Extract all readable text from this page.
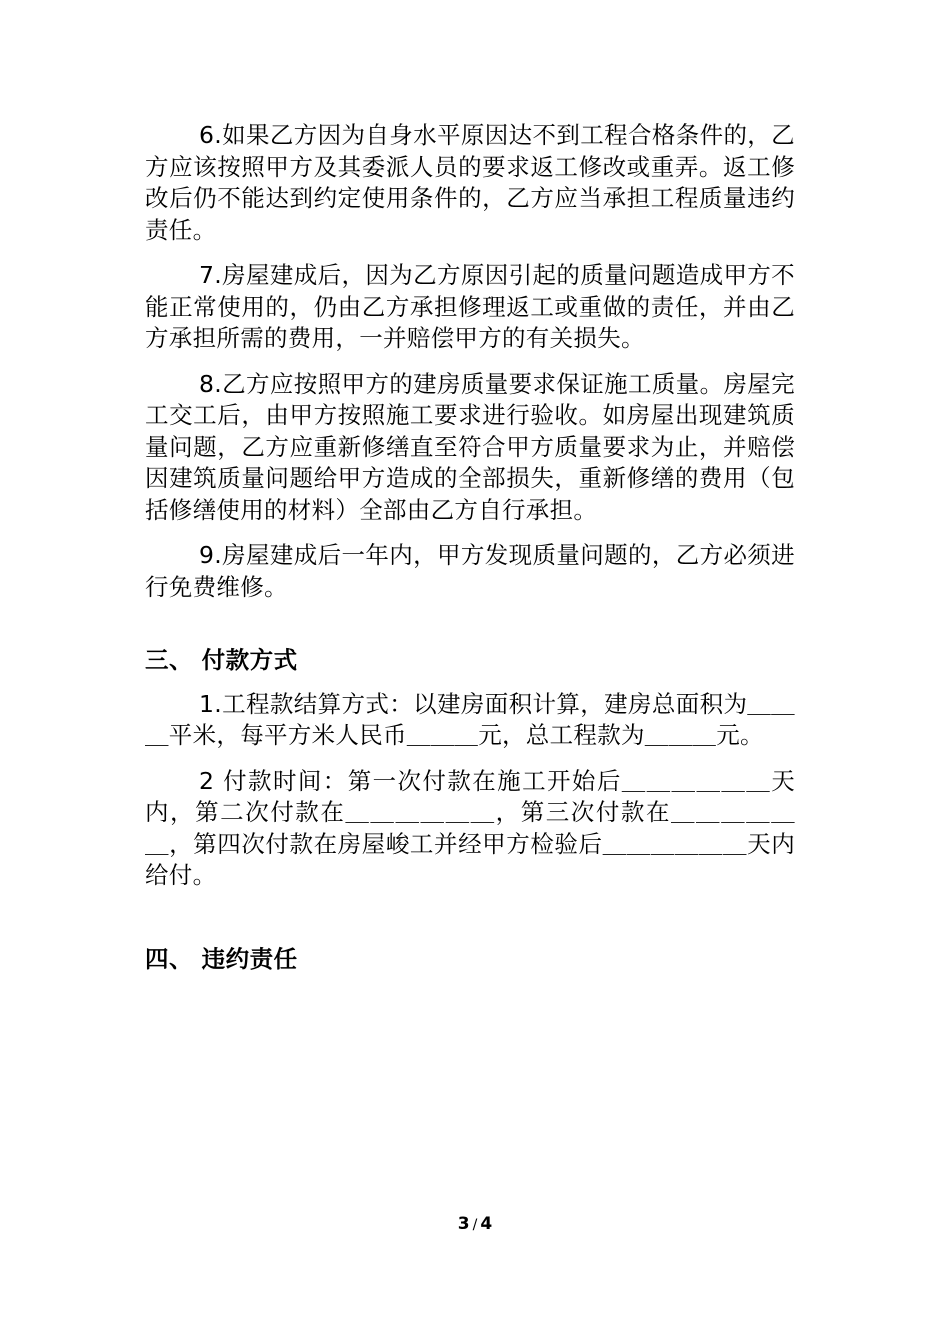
6.如果乙方因为自身水平原因达不到工程合格条件的，乙方应该按照甲方及其委派人员的要求返工修改或重弄。返工修改后仍不能达到约定使用条件的，乙方应当承担工程质量违约责任。

7.房屋建成后，因为乙方原因引起的质量问题造成甲方不能正常使用的，仍由乙方承担修理返工或重做的责任，并由乙方承担所需的费用，一并赔偿甲方的有关损失。

8.乙方应按照甲方的建房质量要求保证施工质量。房屋完工交工后，由甲方按照施工要求进行验收。如房屋出现建筑质量问题，乙方应重新修缮直至符合甲方质量要求为止，并赔偿因建筑质量问题给甲方造成的全部损失，重新修缮的费用（包括修缮使用的材料）全部由乙方自行承担。

9.房屋建成后一年内，甲方发现质量问题的，乙方必须进行免费维修。

三、 付款方式

1.工程款结算方式：以建房面积计算，建房总面积为＿＿＿平米，每平方米人民币＿＿＿元，总工程款为＿＿＿元。

2 付款时间：第一次付款在施工开始后＿＿＿＿＿＿天内，第二次付款在＿＿＿＿＿＿，第三次付款在＿＿＿＿＿＿，第四次付款在房屋峻工并经甲方检验后＿＿＿＿＿＿天内给付。

四、 违约责任
3 / 4
